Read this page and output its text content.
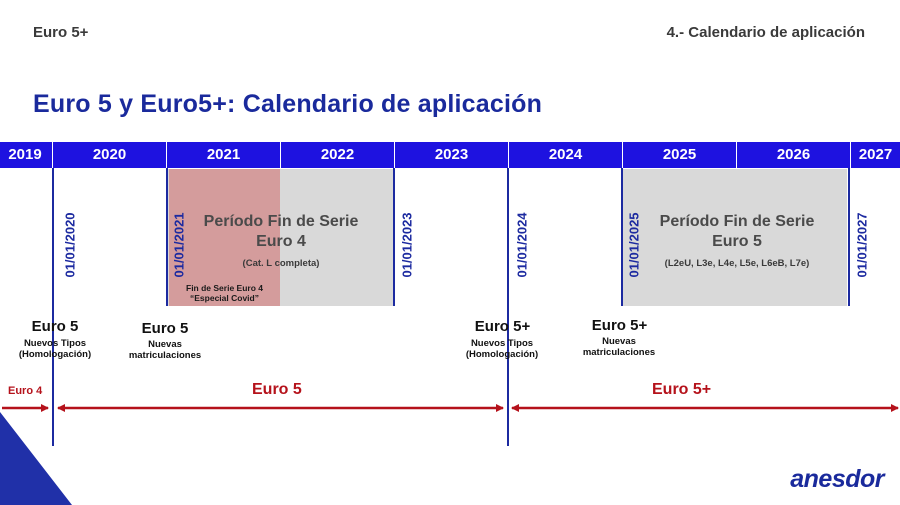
Euro 5+	4.- Calendario de aplicación
Euro 5 y Euro5+: Calendario de aplicación
2019	2020	2021	2022	2023	2024	2025	2026	2027
Período Fin de Serie
Euro 4
(Cat. L completa)
Fin de Serie Euro 4
“Especial Covid”
Período Fin de Serie
Euro 5
(L2eU, L3e, L4e, L5e, L6eB, L7e)
01/01/2020	01/01/2021	01/01/2023	01/01/2024	01/01/2025	01/01/2027
Euro 5
Nuevos Tipos
(Homologación)
Euro 5
Nuevas
matriculaciones
Euro 5+
Nuevos Tipos
(Homologación)
Euro 5+
Nuevas
matriculaciones
Euro 4	Euro 5	Euro 5+
anesdor
